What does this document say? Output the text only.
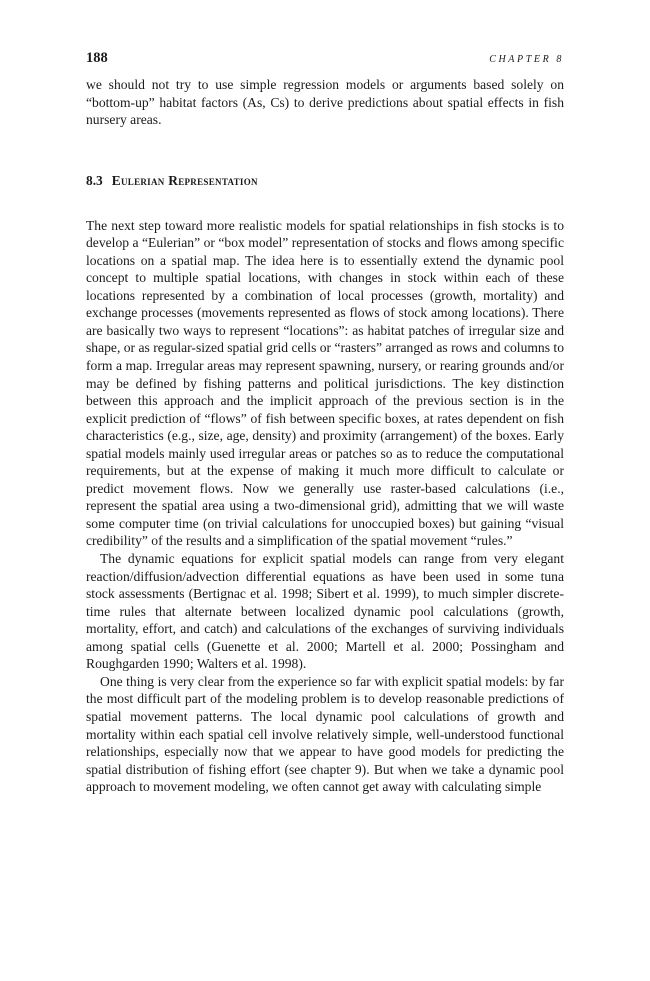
188	CHAPTER 8

we should not try to use simple regression models or arguments based solely on “bottom-up” habitat factors (As, Cs) to derive predictions about spatial effects in fish nursery areas.

8.3 Eulerian Representation

The next step toward more realistic models for spatial relationships in fish stocks is to develop a “Eulerian” or “box model” representation of stocks and flows among specific locations on a spatial map. The idea here is to essentially extend the dynamic pool concept to multiple spatial locations, with changes in stock within each of these locations represented by a combination of local processes (growth, mortality) and exchange processes (movements represented as flows of stock among locations). There are basically two ways to represent “locations”: as habitat patches of irregular size and shape, or as regular-sized spatial grid cells or “rasters” arranged as rows and columns to form a map. Irregular areas may represent spawning, nursery, or rearing grounds and/or may be defined by fishing patterns and political jurisdictions. The key distinction between this approach and the implicit approach of the previous section is in the explicit prediction of “flows” of fish between specific boxes, at rates dependent on fish characteristics (e.g., size, age, density) and proximity (arrangement) of the boxes. Early spatial models mainly used irregular areas or patches so as to reduce the computational requirements, but at the expense of making it much more difficult to calculate or predict movement flows. Now we generally use raster-based calculations (i.e., represent the spatial area using a two-dimensional grid), admitting that we will waste some computer time (on trivial calculations for unoccupied boxes) but gaining “visual credibility” of the results and a simplification of the spatial movement “rules.”

The dynamic equations for explicit spatial models can range from very elegant reaction/diffusion/advection differential equations as have been used in some tuna stock assessments (Bertignac et al. 1998; Sibert et al. 1999), to much simpler discrete-time rules that alternate between localized dynamic pool calculations (growth, mortality, effort, and catch) and calculations of the exchanges of surviving individuals among spatial cells (Guenette et al. 2000; Martell et al. 2000; Possingham and Roughgarden 1990; Walters et al. 1998).

One thing is very clear from the experience so far with explicit spatial models: by far the most difficult part of the modeling problem is to develop reasonable predictions of spatial movement patterns. The local dynamic pool calculations of growth and mortality within each spatial cell involve relatively simple, well-understood functional relationships, especially now that we appear to have good models for predicting the spatial distribution of fishing effort (see chapter 9). But when we take a dynamic pool approach to movement modeling, we often cannot get away with calculating simple
